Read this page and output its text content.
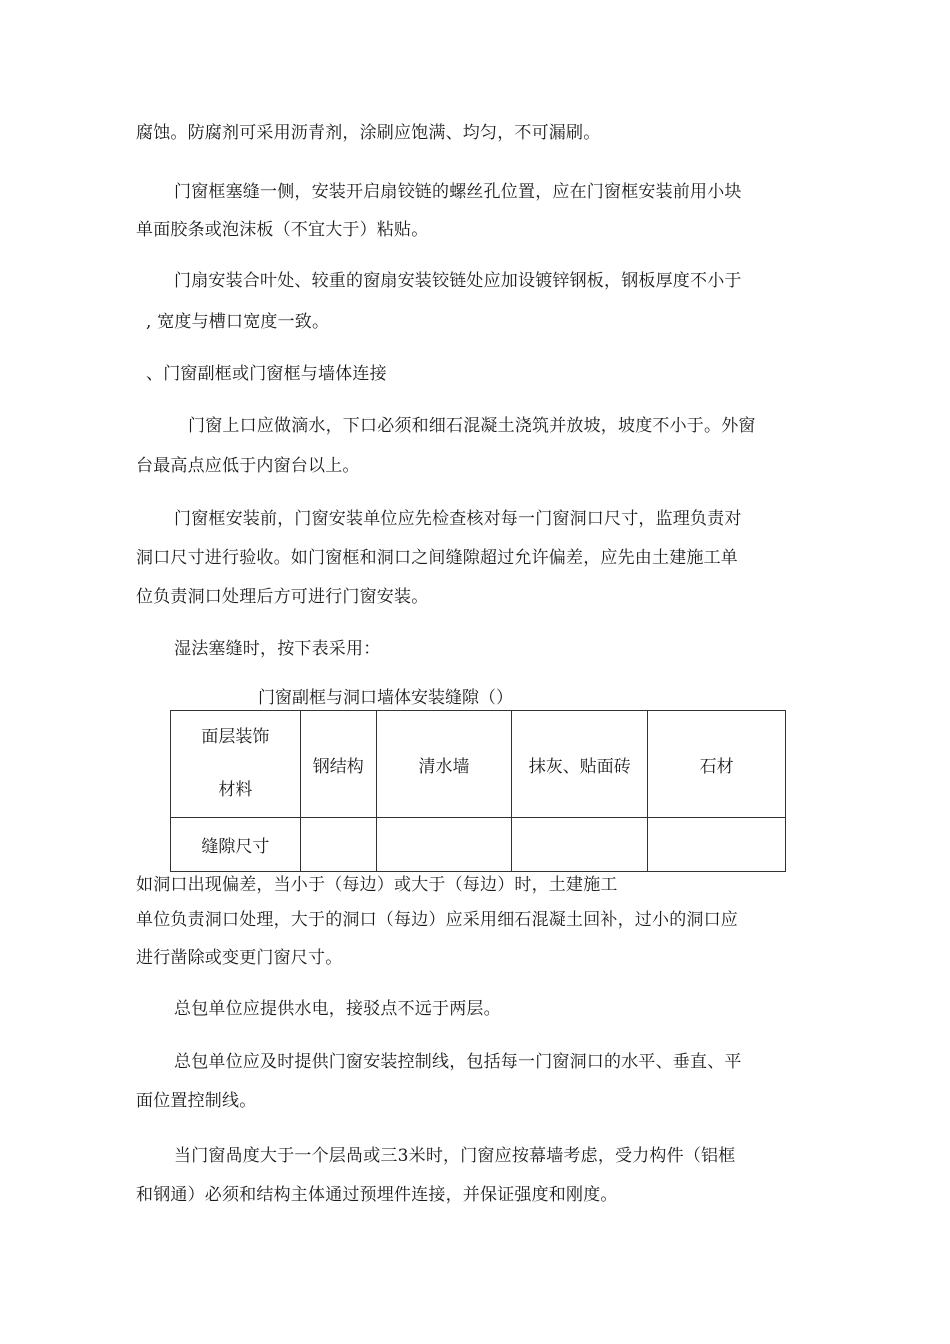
腐蚀。防腐剂可采用沥青剂，涂刷应饱满、均匀，不可漏刷。
门窗框塞缝一侧，安装开启扇铰链的螺丝孔位置，应在门窗框安装前用小块
单面胶条或泡沫板（不宜大于）粘贴。
门扇安装合叶处、较重的窗扇安装铰链处应加设镀锌钢板，钢板厚度不小于
, 宽度与槽口宽度一致。
、门窗副框或门窗框与墙体连接
门窗上口应做滴水，下口必须和细石混凝土浇筑并放坡，坡度不小于。外窗
台最高点应低于内窗台以上。
门窗框安装前，门窗安装单位应先检查核对每一门窗洞口尺寸，监理负责对
洞口尺寸进行验收。如门窗框和洞口之间缝隙超过允许偏差，应先由土建施工单
位负责洞口处理后方可进行门窗安装。
湿法塞缝时，按下表采用：
门窗副框与洞口墙体安装缝隙（）
面层装饰
材料	钢结构	清水墙	抹灰、贴面砖	石材
缝隙尺寸				
如洞口出现偏差，当小于（每边）或大于（每边）时，土建施工
单位负责洞口处理，大于的洞口（每边）应采用细石混凝土回补，过小的洞口应
进行凿除或变更门窗尺寸。
总包单位应提供水电，接驳点不远于两层。
总包单位应及时提供门窗安装控制线，包括每一门窗洞口的水平、垂直、平
面位置控制线。
当门窗咼度大于一个层咼或三3米时，门窗应按幕墙考虑，受力构件（铝框
和钢通）必须和结构主体通过预埋件连接，并保证强度和刚度。
